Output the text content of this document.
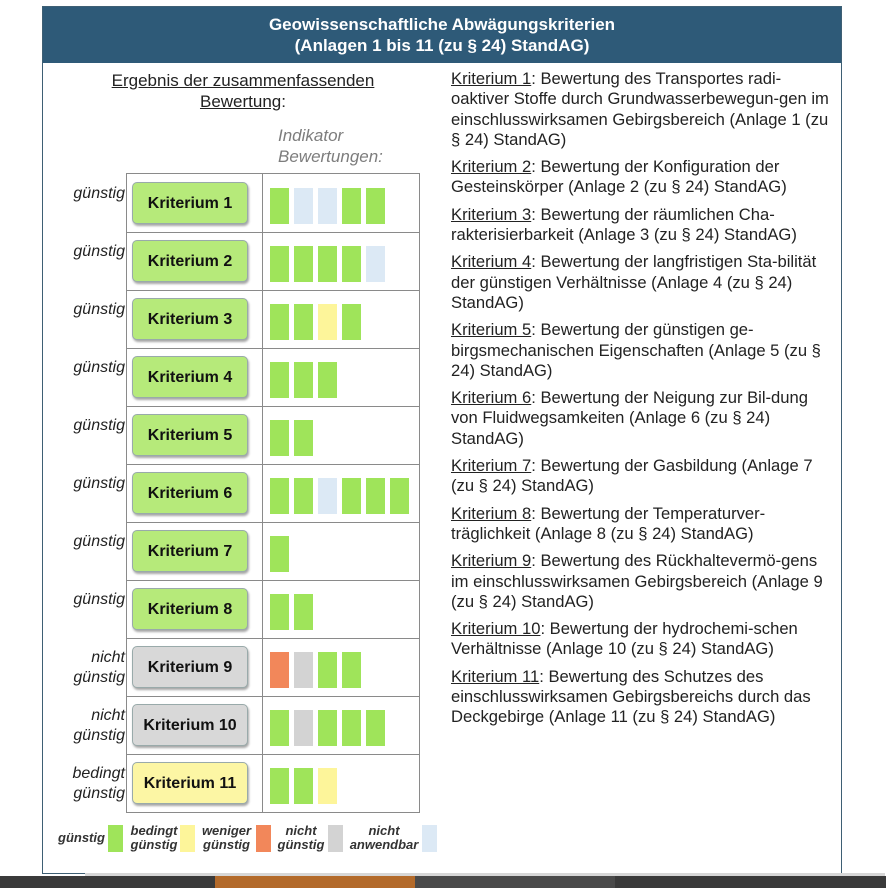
Geowissenschaftliche Abwägungskriterien
(Anlagen 1 bis 11 (zu § 24) StandAG)
Ergebnis der zusammenfassenden
Bewertung:
Indikator
Bewertungen:
günstig
Kriterium 1
günstig
Kriterium 2
günstig
Kriterium 3
günstig
Kriterium 4
günstig
Kriterium 5
günstig
Kriterium 6
günstig
Kriterium 7
günstig
Kriterium 8
nicht
günstig
Kriterium 9
nicht
günstig
Kriterium 10
bedingt
günstig
Kriterium 11
günstig bedingt
günstig
weniger
günstig
nicht
günstig
nicht
anwendbar
Kriterium 1: Bewertung des Transportes radi-oaktiver Stoffe durch Grundwasserbewegun-gen im einschlusswirksamen Gebirgsbereich (Anlage 1 (zu § 24) StandAG)
Kriterium 2: Bewertung der Konfiguration der Gesteinskörper (Anlage 2 (zu § 24) StandAG)
Kriterium 3: Bewertung der räumlichen Cha-rakterisierbarkeit (Anlage 3 (zu § 24) StandAG)
Kriterium 4: Bewertung der langfristigen Sta-bilität der günstigen Verhältnisse (Anlage 4 (zu § 24) StandAG)
Kriterium 5: Bewertung der günstigen ge-birgsmechanischen Eigenschaften (Anlage 5 (zu § 24) StandAG)
Kriterium 6: Bewertung der Neigung zur Bil-dung von Fluidwegsamkeiten (Anlage 6 (zu § 24) StandAG)
Kriterium 7: Bewertung der Gasbildung (Anlage 7 (zu § 24) StandAG)
Kriterium 8: Bewertung der Temperaturver-träglichkeit (Anlage 8 (zu § 24) StandAG)
Kriterium 9: Bewertung des Rückhaltevermö-gens im einschlusswirksamen Gebirgsbereich (Anlage 9 (zu § 24) StandAG)
Kriterium 10: Bewertung der hydrochemi-schen Verhältnisse (Anlage 10 (zu § 24) StandAG)
Kriterium 11: Bewertung des Schutzes des einschlusswirksamen Gebirgsbereichs durch das Deckgebirge (Anlage 11 (zu § 24) StandAG)
